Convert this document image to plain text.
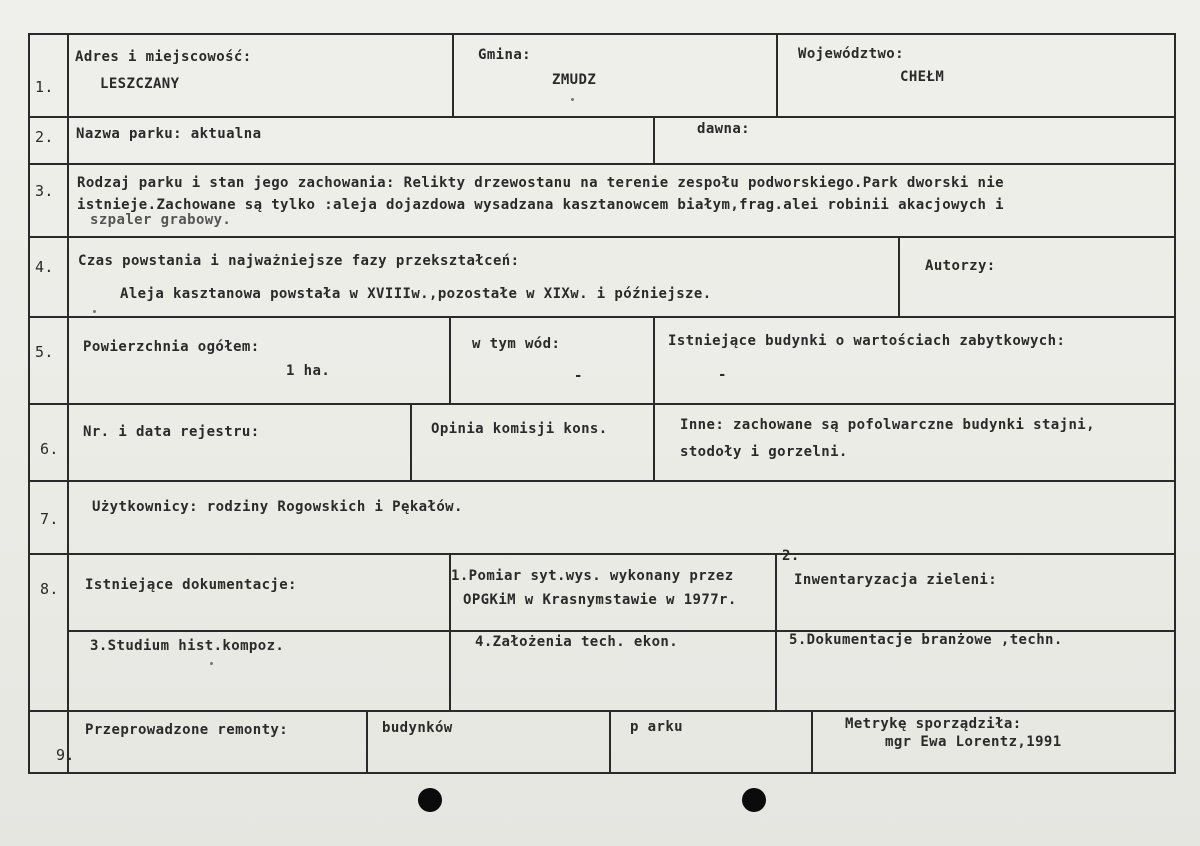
1.
Adres i miejscowość:
LESZCZANY
Gmina:
ZMUDZ
Województwo:
CHEŁM
2. Nazwa parku: aktualna	dawna:
3. Rodzaj parku i stan jego zachowania: Relikty drzewostanu na terenie zespołu podworskiego.Park dworski nie
istnieje.Zachowane są tylko :aleja dojazdowa wysadzana kasztanowcem białym,frag.alei robinii akacjowych i
szpaler grabowy.
4. Czas powstania i najważniejsze fazy przekształceń:
Aleja kasztanowa powstała w XVIIIw.,pozostałe w XIXw. i późniejsze.
Autorzy:
5. Powierzchnia ogółem:
1 ha.
w tym wód:
-
Istniejące budynki o wartościach zabytkowych:
-
6.
Nr. i data rejestru:	Opinia komisji kons.	Inne: zachowane są pofolwarczne budynki stajni,
stodoły i gorzelni.
7.
Użytkownicy: rodziny Rogowskich i Pękałów.
8. Istniejące dokumentacje:
1.Pomiar syt.wys. wykonany przez
OPGKiM w Krasnymstawie w 1977r.
2.
Inwentaryzacja zieleni:
3.Studium hist.kompoz.	4.Założenia tech. ekon.	5.Dokumentacje branżowe ,techn.
9.
Przeprowadzone remonty:	budynków	p arku	Metrykę sporządziła:
mgr Ewa Lorentz,1991
